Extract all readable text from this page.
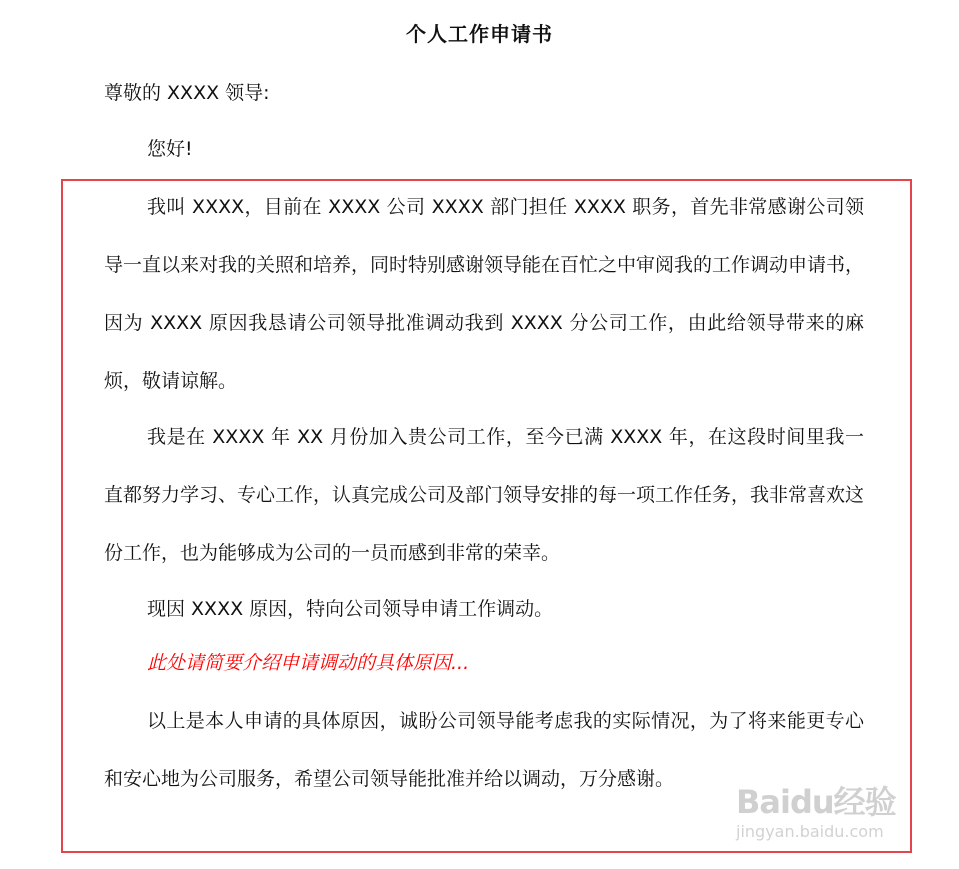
个人工作申请书
尊敬的 XXXX 领导:
您好!
我叫 XXXX，目前在 XXXX 公司 XXXX 部门担任 XXXX 职务，首先非常感谢公司领导一直以来对我的关照和培养，同时特别感谢领导能在百忙之中审阅我的工作调动申请书，因为 XXXX 原因我恳请公司领导批准调动我到 XXXX 分公司工作，由此给领导带来的麻烦，敬请谅解。
我是在 XXXX 年 XX 月份加入贵公司工作，至今已满 XXXX 年，在这段时间里我一直都努力学习、专心工作，认真完成公司及部门领导安排的每一项工作任务，我非常喜欢这份工作，也为能够成为公司的一员而感到非常的荣幸。
现因 XXXX 原因，特向公司领导申请工作调动。
此处请简要介绍申请调动的具体原因...
以上是本人申请的具体原因，诚盼公司领导能考虑我的实际情况，为了将来能更专心和安心地为公司服务，希望公司领导能批准并给以调动，万分感谢。
Baidu经验
jingyan.baidu.com
